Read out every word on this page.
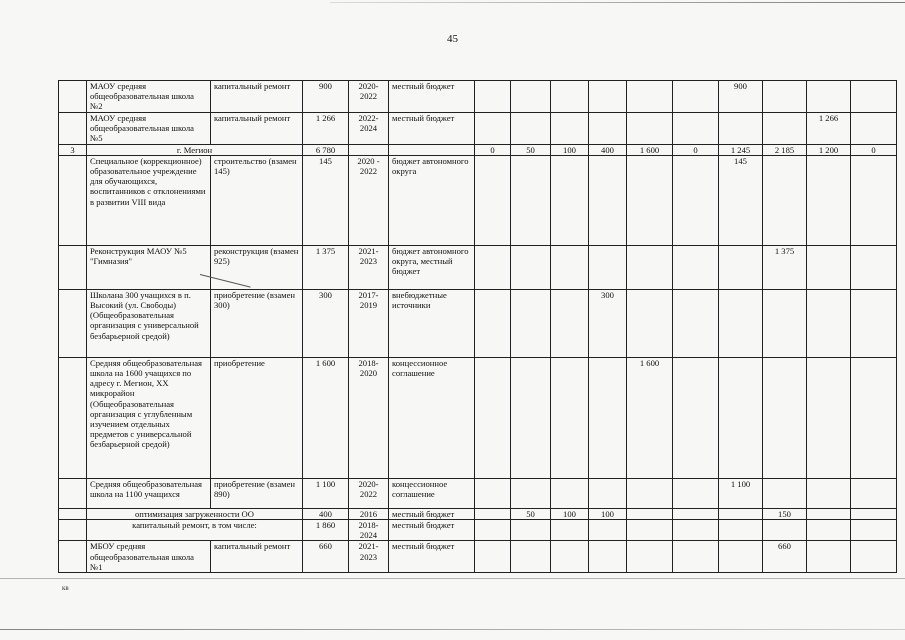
45
	МАОУ средняя общеобразовательная школа №2	капитальный ремонт	900	2020-2022	местный бюджет							900			
	МАОУ средняя общеобразовательная школа №5	капитальный ремонт	1 266	2022-2024	местный бюджет									1 266	
3	г. Мегион		6 780			0	50	100	400	1 600	0	1 245	2 185	1 200	0
	Специальное (коррекционное) образовательное учреждение для обучающихся, воспитанников с отклонениями в развитии VIII вида	строительство (взамен 145)	145	2020 - 2022	бюджет автономного округа							145			
	Реконструкция МАОУ №5 "Гимназия"	реконструкция (взамен 925)	1 375	2021-2023	бюджет автономного округа, местный бюджет								1 375		
	Школана 300 учащихся в п. Высокий (ул. Свободы) (Общеобразовательная организация с универсальной безбарьерной средой)	приобретение (взамен 300)	300	2017-2019	внебюджетные источники				300						
	Средняя общеобразовательная школа на 1600 учащихся по адресу г. Мегион, XX микрорайон (Общеобразовательная организация с углубленным изучением отдельных предметов с универсальной безбарьерной средой)	приобретение	1 600	2018-2020	концессионное соглашение					1 600					
	Средняя общеобразовательная школа на 1100 учащихся	приобретение (взамен 890)	1 100	2020-2022	концессионное соглашение							1 100			
	оптимизация загруженности ОО		400	2016	местный бюджет		50	100	100				150		
	капитальный ремонт, в том числе:		1 860	2018-2024	местный бюджет										
	МБОУ средняя общеобразовательная школа №1	капитальный ремонт	660	2021-2023	местный бюджет								660		
кв
